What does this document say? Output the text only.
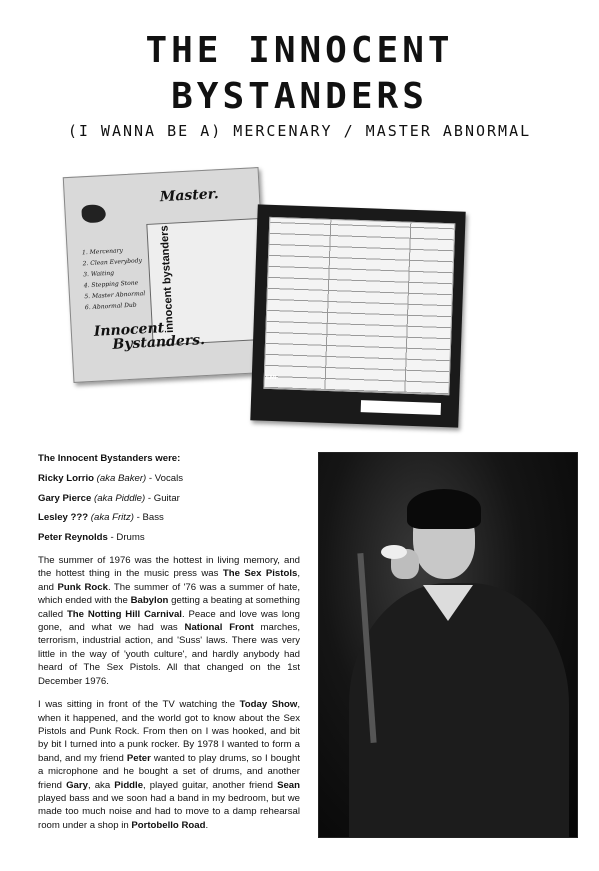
THE INNOCENT
BYSTANDERS
(I WANNA BE A) MERCENARY / MASTER ABNORMAL
Master.
1. Mercenary
2. Clean Everybody
3. Waiting
4. Stepping Stone
5. Master Abnormal
6. Abnormal Dub	innocent bystanders
Innocent
Bystanders.
EMI

The Innocent Bystanders were:

Ricky Lorrio (aka Baker) - Vocals

Gary Pierce (aka Piddle) - Guitar

Lesley ??? (aka Fritz) - Bass

Peter Reynolds - Drums

The summer of 1976 was the hottest in living memory, and the hottest thing in the music press was The Sex Pistols, and Punk Rock. The summer of '76 was a summer of hate, which ended with the Babylon getting a beating at something called The Notting Hill Carnival. Peace and love was long gone, and what we had was National Front marches, terrorism, industrial action, and 'Suss' laws. There was very little in the way of 'youth culture', and hardly anybody had heard of The Sex Pistols. All that changed on the 1st December 1976.

I was sitting in front of the TV watching the Today Show, when it happened, and the world got to know about the Sex Pistols and Punk Rock. From then on I was hooked, and bit by bit I turned into a punk rocker. By 1978 I wanted to form a band, and my friend Peter wanted to play drums, so I bought a microphone and he bought a set of drums, and another friend Gary, aka Piddle, played guitar, another friend Sean played bass and we soon had a band in my bedroom, but we made too much noise and had to move to a damp rehearsal room under a shop in Portobello Road.
